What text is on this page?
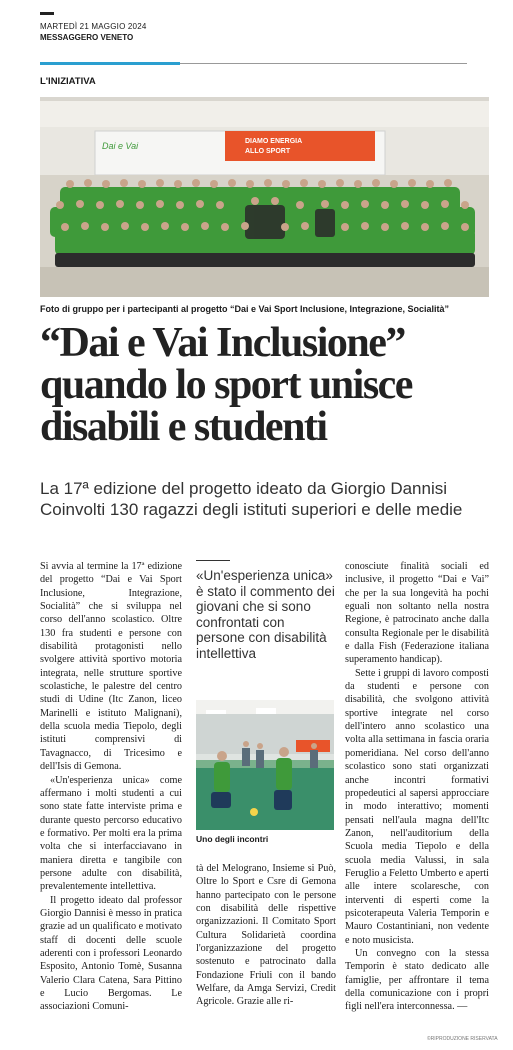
MARTEDÌ 21 MAGGIO 2024
MESSAGGERO VENETO
L'INIZIATIVA
DIAMO ENERGIA
ALLO SPORT
Dai e Vai
Foto di gruppo per i partecipanti al progetto “Dai e Vai Sport Inclusione, Integrazione, Socialità”
“Dai e Vai Inclusione” quando lo sport unisce disabili e studenti
La 17ª edizione del progetto ideato da Giorgio Dannisi
Coinvolti 130 ragazzi degli istituti superiori e delle medie

Si avvia al termine la 17ª edizione del progetto “Dai e Vai Sport Inclusione, Integrazione, Socialità” che si sviluppa nel corso dell'anno scolastico. Oltre 130 fra studenti e persone con disabilità protagonisti nello svolgere attività sportivo motoria integrata, nelle strutture sportive scolastiche, le palestre del centro studi di Udine (Itc Zanon, liceo Marinelli e istituto Malignani), della scuola media Tiepolo, degli istituti comprensivi di Tavagnacco, di Tricesimo e dell'Isis di Gemona.

«Un'esperienza unica» come affermano i molti studenti a cui sono state fatte interviste prima e durante questo percorso educativo e formativo. Per molti era la prima volta che si interfacciavano in maniera diretta e tangibile con persone adulte con disabilità, prevalentemente intellettiva.

Il progetto ideato dal professor Giorgio Dannisi è messo in pratica grazie ad un qualificato e motivato staff di docenti delle scuole aderenti con i professori Leonardo Esposito, Antonio Tomè, Susanna Valerio Clara Catena, Sara Pittino e Lucio Bergomas. Le associazioni Comuni-

«Un'esperienza unica» è stato il commento dei giovani che si sono confrontati con persone con disabilità intellettiva
Uno degli incontri

tà del Melograno, Insieme si Può, Oltre lo Sport e Csre di Gemona hanno partecipato con le persone con disabilità delle rispettive organizzazioni. Il Comitato Sport Cultura Solidarietà coordina l'organizzazione del progetto sostenuto e patrocinato dalla Fondazione Friuli con il bando Welfare, da Amga Servizi, Credit Agricole. Grazie alle ri-

conosciute finalità sociali ed inclusive, il progetto “Dai e Vai” che per la sua longevità ha pochi eguali non soltanto nella nostra Regione, è patrocinato anche dalla consulta Regionale per le disabilità e dalla Fish (Federazione italiana superamento handicap).

Sette i gruppi di lavoro composti da studenti e persone con disabilità, che svolgono attività sportive integrate nel corso dell'intero anno scolastico una volta alla settimana in fascia oraria pomeridiana. Nel corso dell'anno scolastico sono stati organizzati anche incontri formativi propedeutici al sapersi approcciare in modo interattivo; momenti pensati nell'aula magna dell'Itc Zanon, nell'auditorium della Scuola media Tiepolo e della scuola media Valussi, in sala Feruglio a Feletto Umberto e aperti alle intere scolaresche, con interventi di esperti come la psicoterapeuta Valeria Temporin e Mauro Costantiniani, non vedente e noto musicista.

Un convegno con la stessa Temporin è stato dedicato alle famiglie, per affrontare il tema della comunicazione con i propri figli nell'era interconnessa. —

©RIPRODUZIONE RISERVATA
